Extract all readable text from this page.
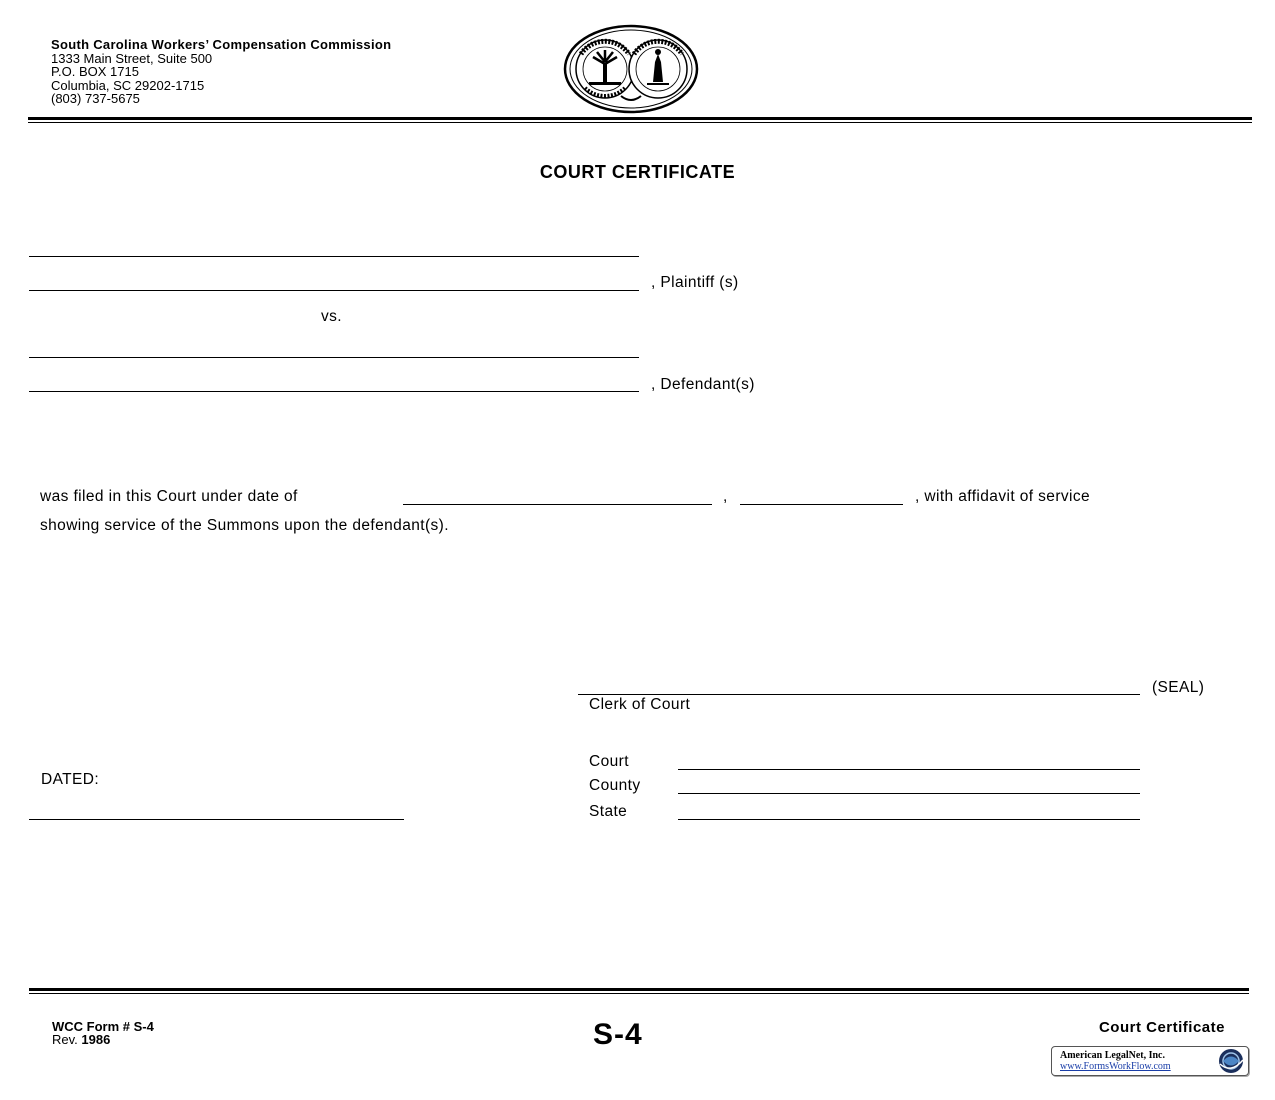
South Carolina Workers’ Compensation Commission
1333 Main Street, Suite 500
P.O. BOX 1715
Columbia, SC 29202-1715
(803) 737-5675
COURT CERTIFICATE
, Plaintiff (s)
vs.
, Defendant(s)
was filed in this Court under date of	,	, with affidavit of service
showing service of the Summons upon the defendant(s).
(SEAL)
Clerk of Court
Court
County
State
DATED:
WCC Form # S-4
Rev. 1986	S-4	Court Certificate
American LegalNet, Inc.
www.FormsWorkFlow.com
